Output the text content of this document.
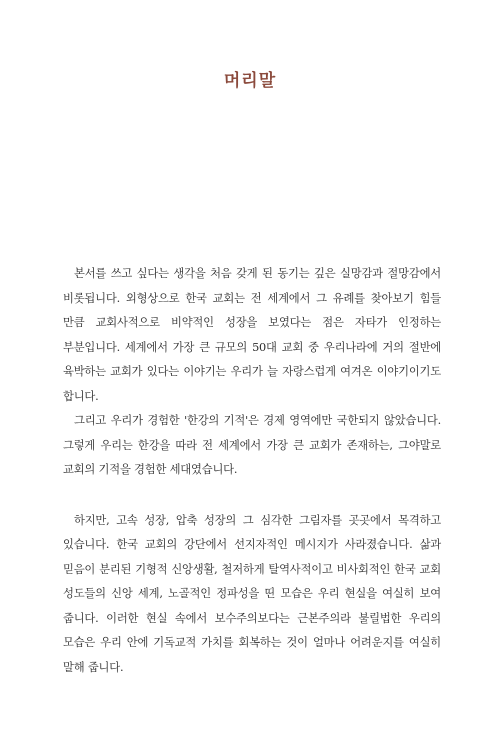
머리말

본서를 쓰고 싶다는 생각을 처음 갖게 된 동기는 깊은 실망감과 절망감에서 비롯됩니다. 외형상으로 한국 교회는 전 세계에서 그 유례를 찾아보기 힘들 만큼 교회사적으로 비약적인 성장을 보였다는 점은 자타가 인정하는 부분입니다. 세계에서 가장 큰 규모의 50대 교회 중 우리나라에 거의 절반에 육박하는 교회가 있다는 이야기는 우리가 늘 자랑스럽게 여겨온 이야기이기도 합니다.

그리고 우리가 경험한 '한강의 기적'은 경제 영역에만 국한되지 않았습니다. 그렇게 우리는 한강을 따라 전 세계에서 가장 큰 교회가 존재하는, 그야말로 교회의 기적을 경험한 세대였습니다.

하지만, 고속 성장, 압축 성장의 그 심각한 그림자를 곳곳에서 목격하고 있습니다. 한국 교회의 강단에서 선지자적인 메시지가 사라졌습니다. 삶과 믿음이 분리된 기형적 신앙생활, 철저하게 탈역사적이고 비사회적인 한국 교회 성도들의 신앙 세계, 노골적인 정파성을 띤 모습은 우리 현실을 여실히 보여 줍니다. 이러한 현실 속에서 보수주의보다는 근본주의라 불릴법한 우리의 모습은 우리 안에 기독교적 가치를 회복하는 것이 얼마나 어려운지를 여실히 말해 줍니다.
